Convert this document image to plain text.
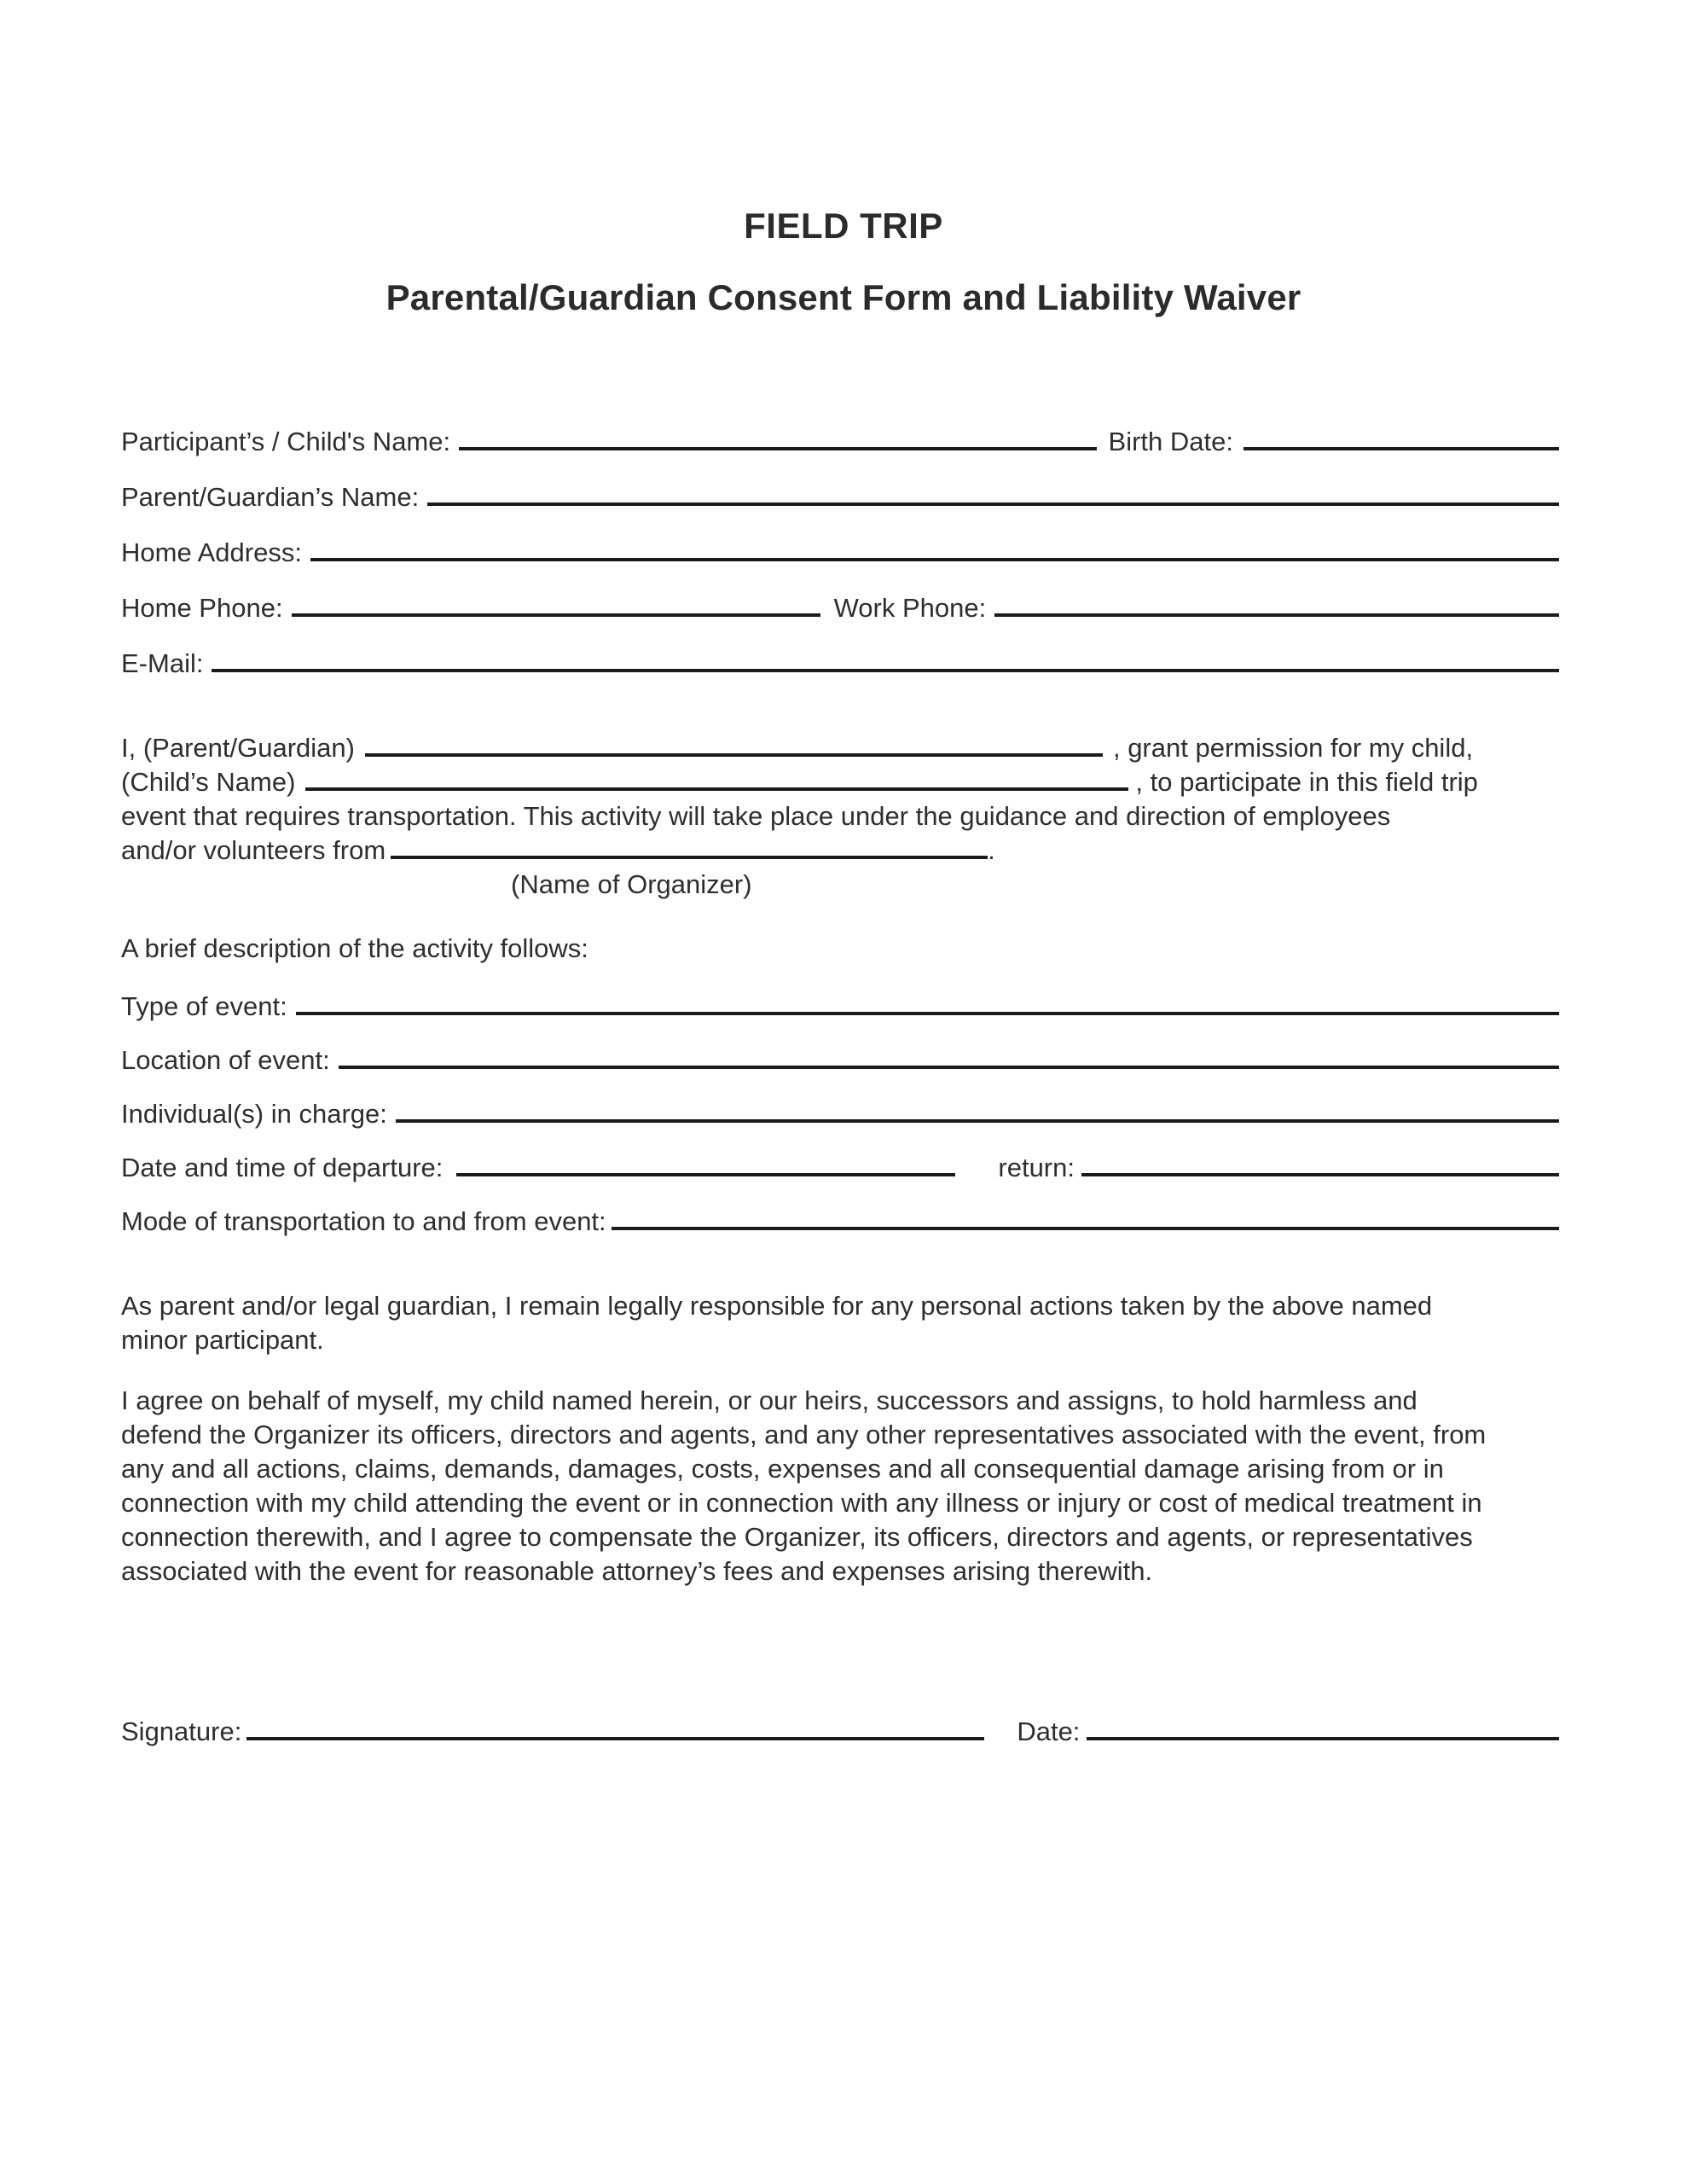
FIELD TRIP
Parental/Guardian Consent Form and Liability Waiver
Participant’s / Child's Name:	Birth Date:
Parent/Guardian’s Name:
Home Address:
Home Phone:	Work Phone:
E-Mail:
I, (Parent/Guardian)	, grant permission for my child,
(Child’s Name)	, to participate in this field trip
event that requires transportation. This activity will take place under the guidance and direction of employees
and/or volunteers from	.
(Name of Organizer)
A brief description of the activity follows:
Type of event:
Location of event:
Individual(s) in charge:
Date and time of departure:	return:
Mode of transportation to and from event:
As parent and/or legal guardian, I remain legally responsible for any personal actions taken by the above named
minor participant.
I agree on behalf of myself, my child named herein, or our heirs, successors and assigns, to hold harmless and
defend the Organizer its officers, directors and agents, and any other representatives associated with the event, from
any and all actions, claims, demands, damages, costs, expenses and all consequential damage arising from or in
connection with my child attending the event or in connection with any illness or injury or cost of medical treatment in
connection therewith, and I agree to compensate the Organizer, its officers, directors and agents, or representatives
associated with the event for reasonable attorney’s fees and expenses arising therewith.
Signature:	Date:
